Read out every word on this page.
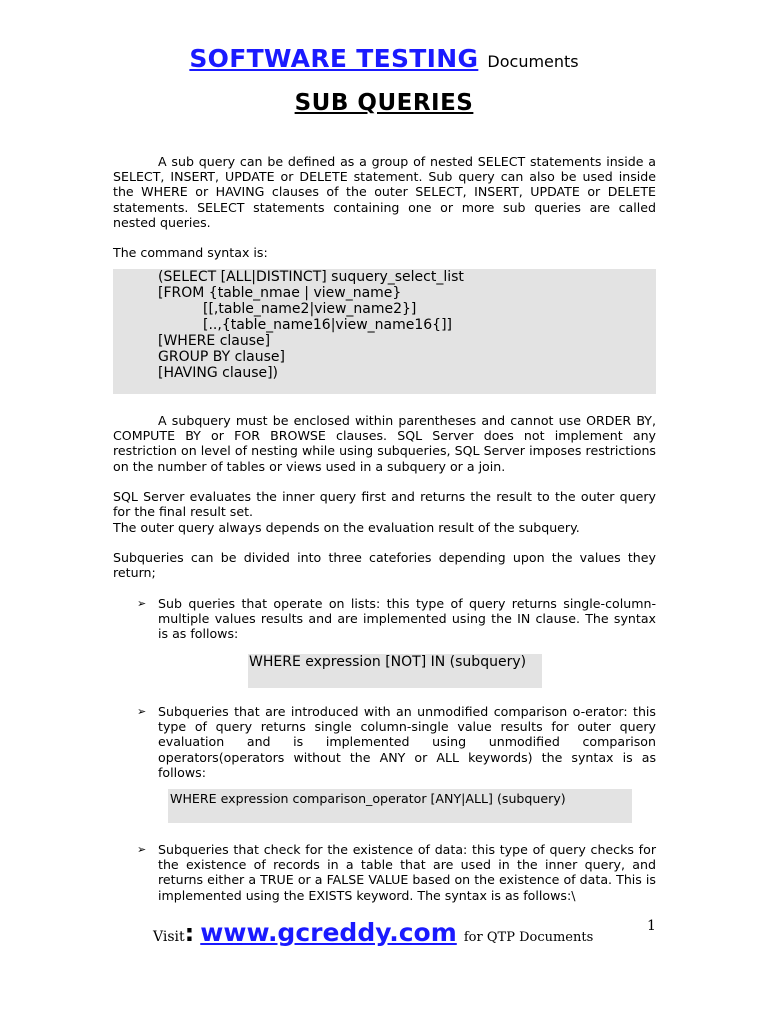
SOFTWARE TESTING Documents
SUB QUERIES
A sub query can be defined as a group of nested SELECT statements inside a SELECT, INSERT, UPDATE or DELETE statement. Sub query can also be used inside the WHERE or HAVING clauses of the outer SELECT, INSERT, UPDATE or DELETE statements. SELECT statements containing one or more sub queries are called nested queries.
The command syntax is:
(SELECT [ALL|DISTINCT] suquery_select_list
[FROM {table_nmae | view_name}
[[,table_name2|view_name2}]
[..,{table_name16|view_name16{]]
[WHERE clause]
GROUP BY clause]
[HAVING clause])
A subquery must be enclosed within parentheses and cannot use ORDER BY, COMPUTE BY or FOR BROWSE clauses. SQL Server does not implement any restriction on level of nesting while using subqueries, SQL Server imposes restrictions on the number of tables or views used in a subquery or a join.
SQL Server evaluates the inner query first and returns the result to the outer query for the final result set.
The outer query always depends on the evaluation result of the subquery.
Subqueries can be divided into three catefories depending upon the values they return;
➢ Sub queries that operate on lists: this type of query returns single-column-multiple values results and are implemented using the IN clause. The syntax is as follows:
WHERE expression [NOT] IN (subquery)
➢ Subqueries that are introduced with an unmodified comparison o-erator: this type of query returns single column-single value results for outer query evaluation and is implemented using unmodified comparison operators(operators without the ANY or ALL keywords) the syntax is as follows:
WHERE expression comparison_operator [ANY|ALL] (subquery)
➢ Subqueries that check for the existence of data: this type of query checks for the existence of records in a table that are used in the inner query, and returns either a TRUE or a FALSE VALUE based on the existence of data. This is implemented using the EXISTS keyword. The syntax is as follows:\
Visit: www.gcreddy.com for QTP Documents
1
